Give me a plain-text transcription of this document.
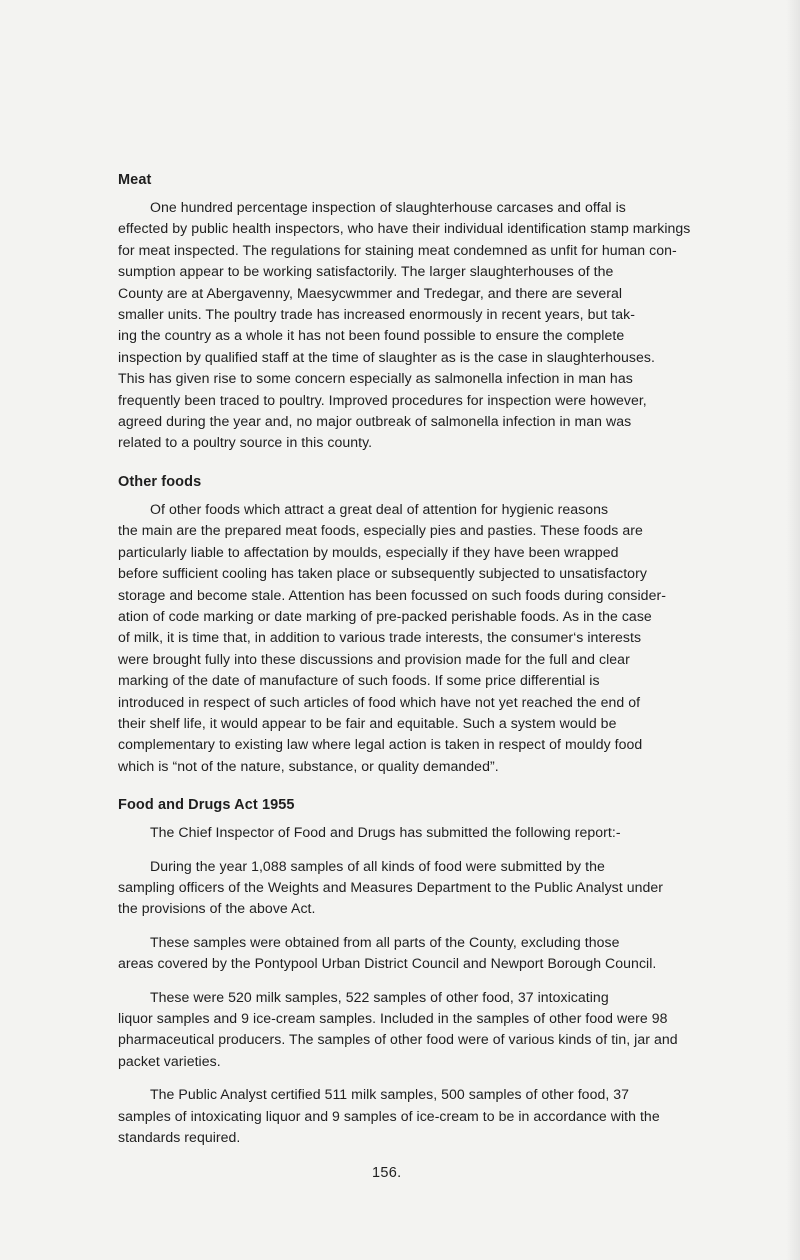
Meat
One hundred percentage inspection of slaughterhouse carcases and offal is
effected by public health inspectors, who have their individual identification stamp markings
for meat inspected. The regulations for staining meat condemned as unfit for human con-
sumption appear to be working satisfactorily. The larger slaughterhouses of the
County are at Abergavenny, Maesycwmmer and Tredegar, and there are several
smaller units. The poultry trade has increased enormously in recent years, but tak-
ing the country as a whole it has not been found possible to ensure the complete
inspection by qualified staff at the time of slaughter as is the case in slaughterhouses.
This has given rise to some concern especially as salmonella infection in man has
frequently been traced to poultry. Improved procedures for inspection were however,
agreed during the year and, no major outbreak of salmonella infection in man was
related to a poultry source in this county.
Other foods
Of other foods which attract a great deal of attention for hygienic reasons
the main are the prepared meat foods, especially pies and pasties. These foods are
particularly liable to affectation by moulds, especially if they have been wrapped
before sufficient cooling has taken place or subsequently subjected to unsatisfactory
storage and become stale. Attention has been focussed on such foods during consider-
ation of code marking or date marking of pre-packed perishable foods. As in the case
of milk, it is time that, in addition to various trade interests, the consumer‘s interests
were brought fully into these discussions and provision made for the full and clear
marking of the date of manufacture of such foods. If some price differential is
introduced in respect of such articles of food which have not yet reached the end of
their shelf life, it would appear to be fair and equitable. Such a system would be
complementary to existing law where legal action is taken in respect of mouldy food
which is “not of the nature, substance, or quality demanded”.
Food and Drugs Act 1955
The Chief Inspector of Food and Drugs has submitted the following report:-
During the year 1,088 samples of all kinds of food were submitted by the
sampling officers of the Weights and Measures Department to the Public Analyst under
the provisions of the above Act.
These samples were obtained from all parts of the County, excluding those
areas covered by the Pontypool Urban District Council and Newport Borough Council.
These were 520 milk samples, 522 samples of other food, 37 intoxicating
liquor samples and 9 ice-cream samples. Included in the samples of other food were 98
pharmaceutical producers. The samples of other food were of various kinds of tin, jar and
packet varieties.
The Public Analyst certified 511 milk samples, 500 samples of other food, 37
samples of intoxicating liquor and 9 samples of ice-cream to be in accordance with the
standards required.
156.
